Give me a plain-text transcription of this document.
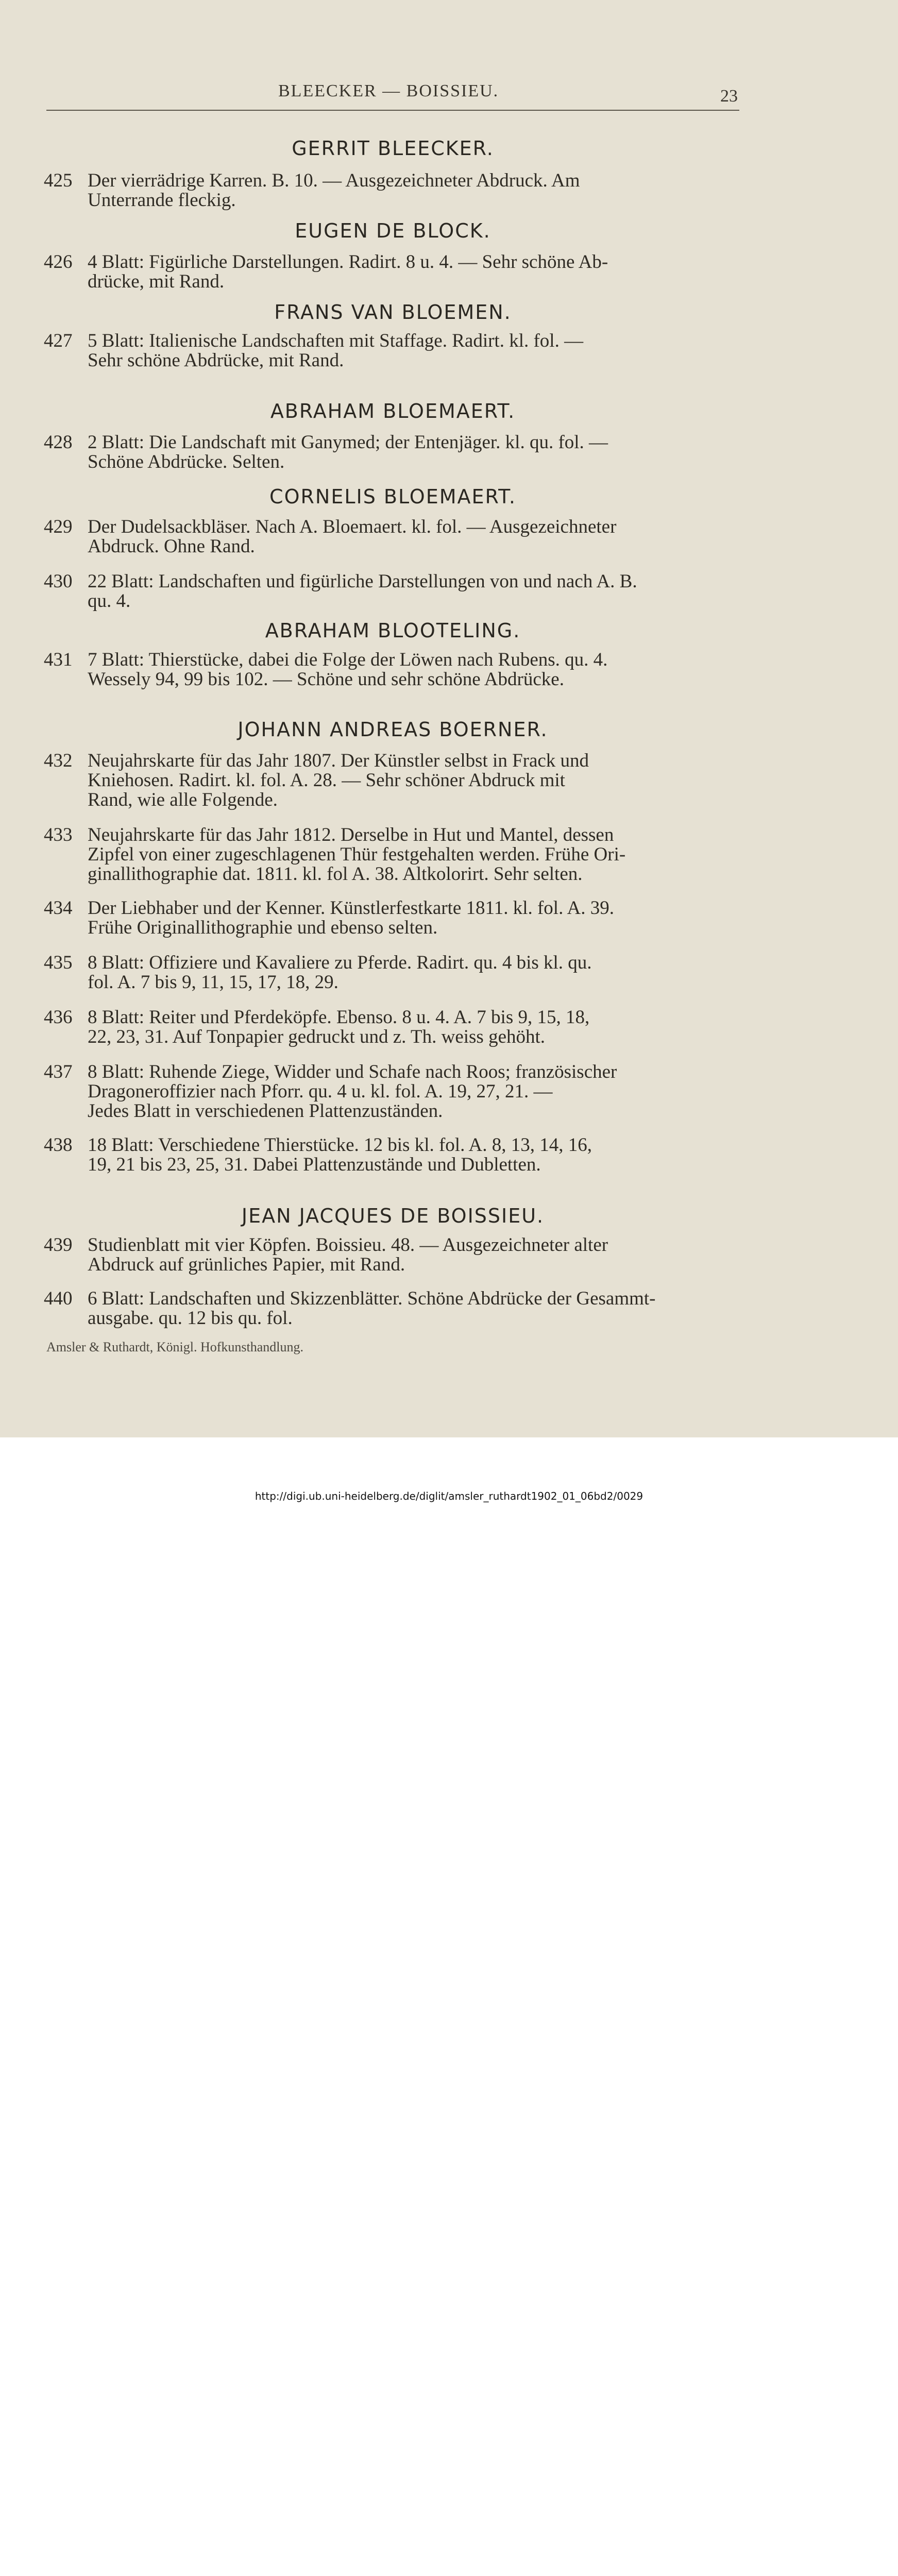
BLEECKER — BOISSIEU.	23
GERRIT BLEECKER.
425 Der vierrädrige Karren. B. 10. — Ausgezeichneter Abdruck. Am
Unterrande fleckig.
EUGEN DE BLOCK.
426 4 Blatt: Figürliche Darstellungen. Radirt. 8 u. 4. — Sehr schöne Ab-
drücke, mit Rand.
FRANS VAN BLOEMEN.
427 5 Blatt: Italienische Landschaften mit Staffage. Radirt. kl. fol. —
Sehr schöne Abdrücke, mit Rand.
ABRAHAM BLOEMAERT.
428 2 Blatt: Die Landschaft mit Ganymed; der Entenjäger. kl. qu. fol. —
Schöne Abdrücke. Selten.
CORNELIS BLOEMAERT.
429 Der Dudelsackbläser. Nach A. Bloemaert. kl. fol. — Ausgezeichneter
Abdruck. Ohne Rand.
430 22 Blatt: Landschaften und figürliche Darstellungen von und nach A. B.
qu. 4.
ABRAHAM BLOOTELING.
431 7 Blatt: Thierstücke, dabei die Folge der Löwen nach Rubens. qu. 4.
Wessely 94, 99 bis 102. — Schöne und sehr schöne Abdrücke.
JOHANN ANDREAS BOERNER.
432 Neujahrskarte für das Jahr 1807. Der Künstler selbst in Frack und
Kniehosen. Radirt. kl. fol. A. 28. — Sehr schöner Abdruck mit
Rand, wie alle Folgende.
433 Neujahrskarte für das Jahr 1812. Derselbe in Hut und Mantel, dessen
Zipfel von einer zugeschlagenen Thür festgehalten werden. Frühe Ori-
ginallithographie dat. 1811. kl. fol A. 38. Altkolorirt. Sehr selten.
434 Der Liebhaber und der Kenner. Künstlerfestkarte 1811. kl. fol. A. 39.
Frühe Originallithographie und ebenso selten.
435 8 Blatt: Offiziere und Kavaliere zu Pferde. Radirt. qu. 4 bis kl. qu.
fol. A. 7 bis 9, 11, 15, 17, 18, 29.
436 8 Blatt: Reiter und Pferdeköpfe. Ebenso. 8 u. 4. A. 7 bis 9, 15, 18,
22, 23, 31. Auf Tonpapier gedruckt und z. Th. weiss gehöht.
437 8 Blatt: Ruhende Ziege, Widder und Schafe nach Roos; französischer
Dragoneroffizier nach Pforr. qu. 4 u. kl. fol. A. 19, 27, 21. —
Jedes Blatt in verschiedenen Plattenzuständen.
438 18 Blatt: Verschiedene Thierstücke. 12 bis kl. fol. A. 8, 13, 14, 16,
19, 21 bis 23, 25, 31. Dabei Plattenzustände und Dubletten.
JEAN JACQUES DE BOISSIEU.
439 Studienblatt mit vier Köpfen. Boissieu. 48. — Ausgezeichneter alter
Abdruck auf grünliches Papier, mit Rand.
440 6 Blatt: Landschaften und Skizzenblätter. Schöne Abdrücke der Gesammt-
ausgabe. qu. 12 bis qu. fol.
Amsler & Ruthardt, Königl. Hofkunsthandlung.
http://digi.ub.uni-heidelberg.de/diglit/amsler_ruthardt1902_01_06bd2/0029
